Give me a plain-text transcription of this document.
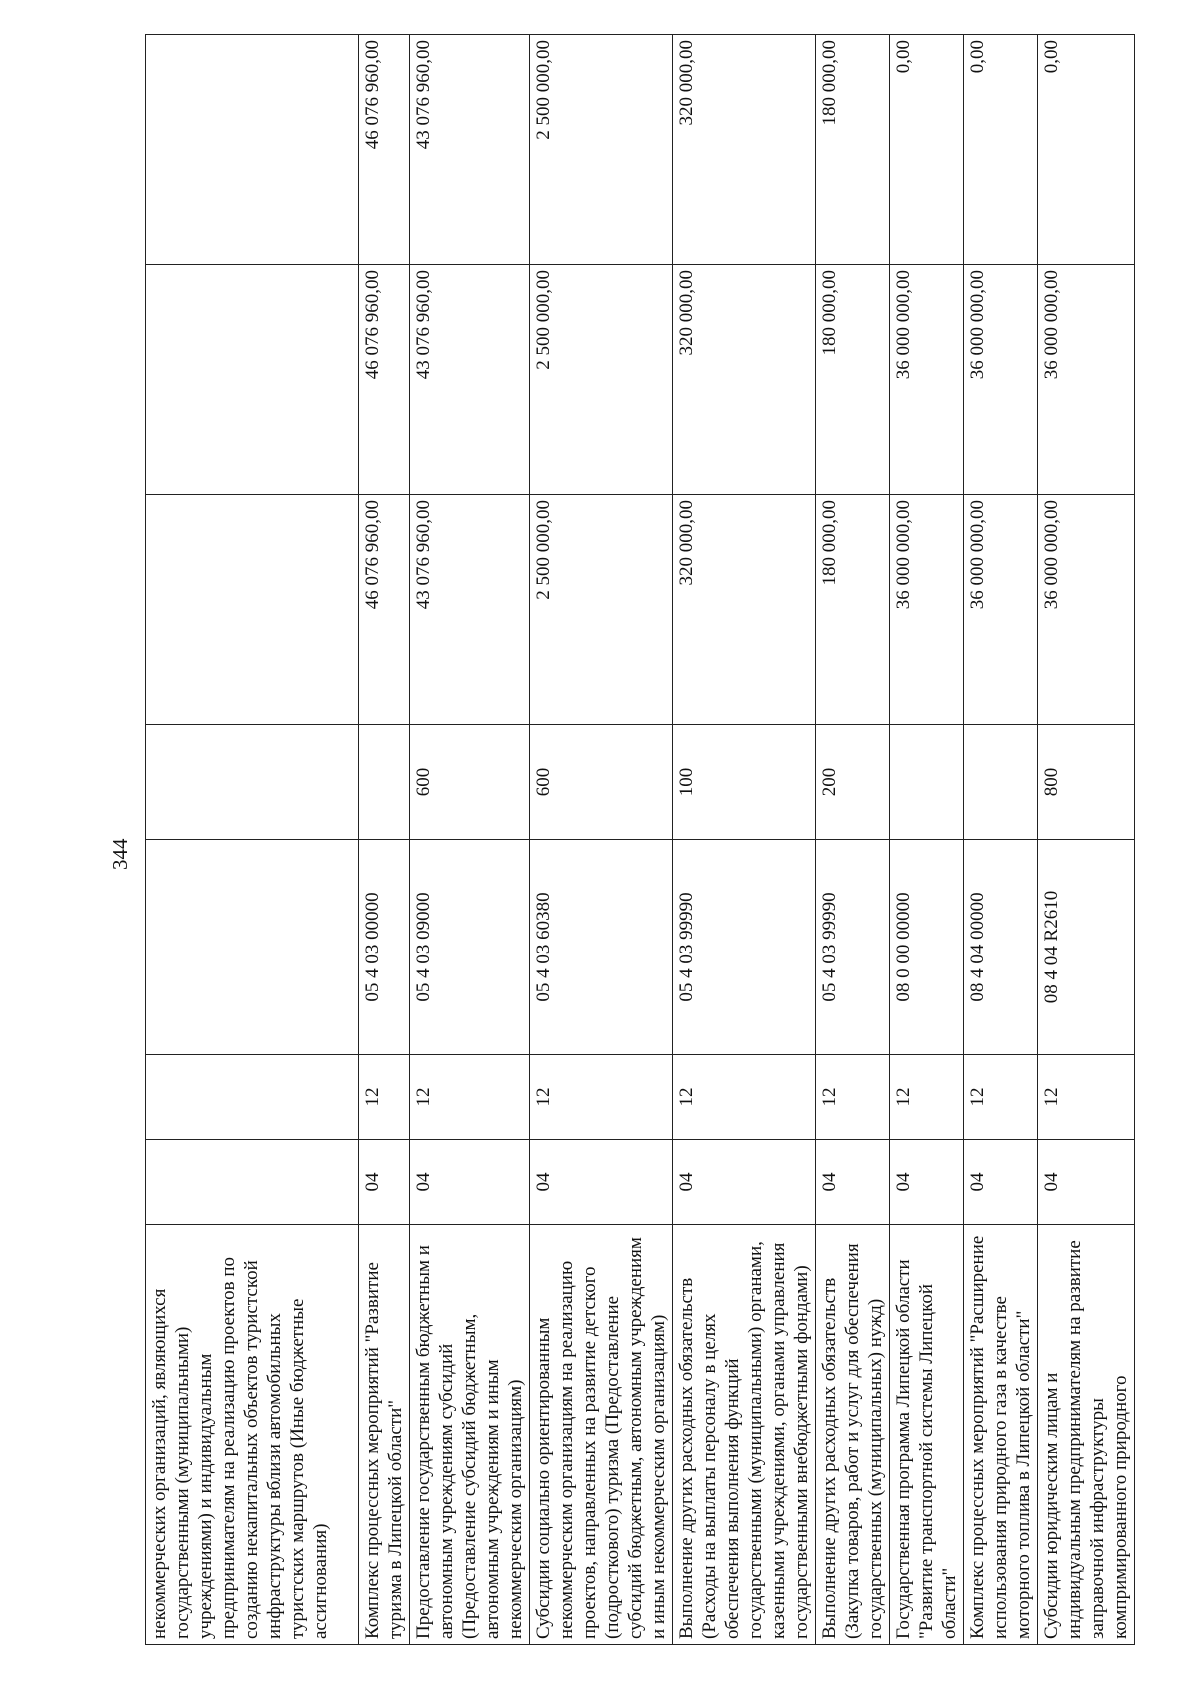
344
некоммерческих организаций, являющихся государственными (муниципальными) учреждениями) и индивидуальным предпринимателям на реализацию проектов по созданию некапитальных объектов туристской инфраструктуры вблизи автомобильных туристских маршрутов (Иные бюджетные ассигнования)							
Комплекс процессных мероприятий "Развитие туризма в Липецкой области"	04	12	05 4 03 00000		46 076 960,00	46 076 960,00	46 076 960,00
Предоставление государственным бюджетным и автономным учреждениям субсидий (Предоставление субсидий бюджетным, автономным учреждениям и иным некоммерческим организациям)	04	12	05 4 03 09000	600	43 076 960,00	43 076 960,00	43 076 960,00
Субсидии социально ориентированным некоммерческим организациям на реализацию проектов, направленных на развитие детского (подросткового) туризма (Предоставление субсидий бюджетным, автономным учреждениям и иным некоммерческим организациям)	04	12	05 4 03 60380	600	2 500 000,00	2 500 000,00	2 500 000,00
Выполнение других расходных обязательств (Расходы на выплаты персоналу в целях обеспечения выполнения функций государственными (муниципальными) органами, казенными учреждениями, органами управления государственными внебюджетными фондами)	04	12	05 4 03 99990	100	320 000,00	320 000,00	320 000,00
Выполнение других расходных обязательств (Закупка товаров, работ и услуг для обеспечения государственных (муниципальных) нужд)	04	12	05 4 03 99990	200	180 000,00	180 000,00	180 000,00
Государственная программа Липецкой области "Развитие транспортной системы Липецкой области"	04	12	08 0 00 00000		36 000 000,00	36 000 000,00	0,00
Комплекс процессных мероприятий "Расширение использования природного газа в качестве моторного топлива в Липецкой области"	04	12	08 4 04 00000		36 000 000,00	36 000 000,00	0,00
Субсидии юридическим лицам и индивидуальным предпринимателям на развитие заправочной инфраструктуры компримированного природного	04	12	08 4 04 R2610	800	36 000 000,00	36 000 000,00	0,00
